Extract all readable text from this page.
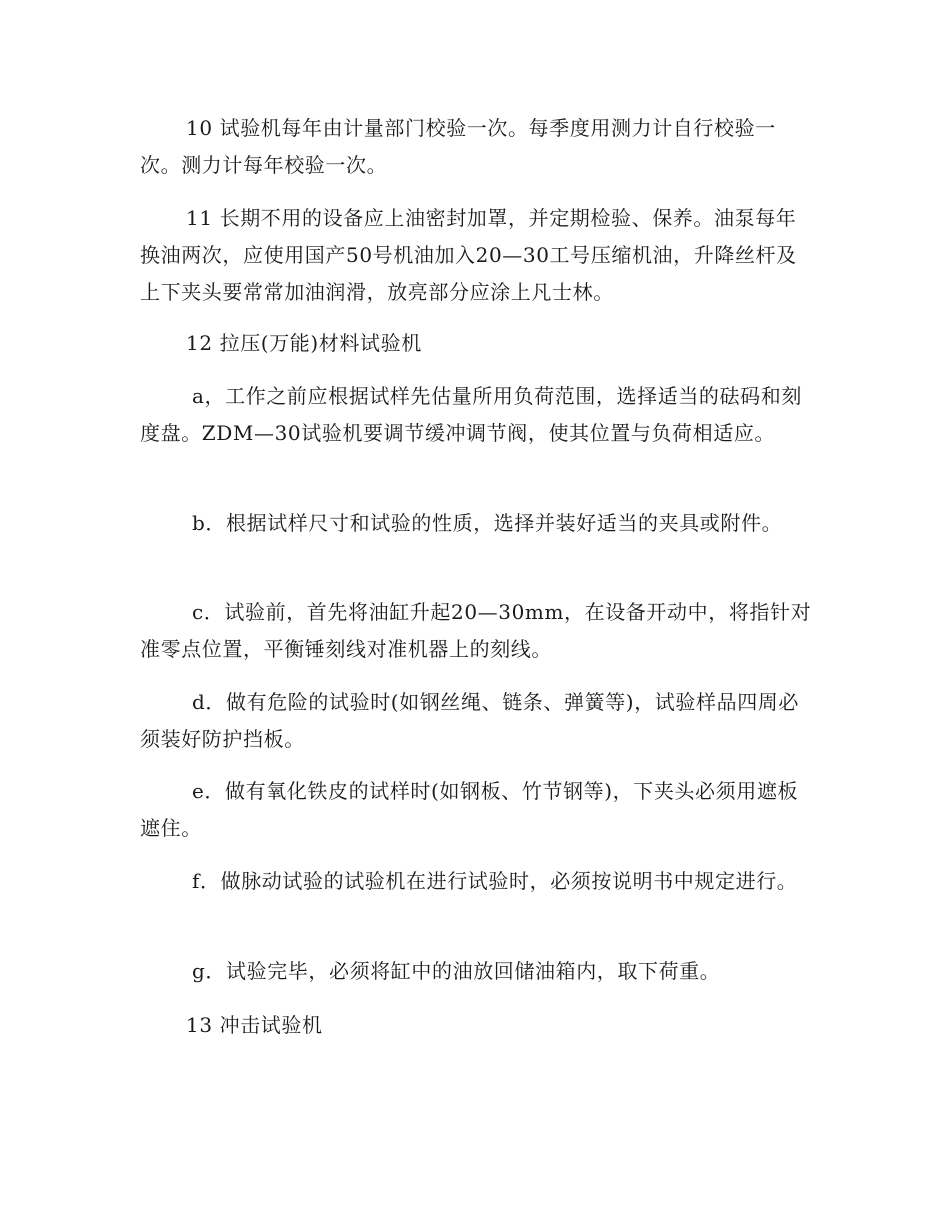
10 试验机每年由计量部门校验一次。每季度用测力计自行校验一次。测力计每年校验一次。

11 长期不用的设备应上油密封加罩，并定期检验、保养。油泵每年换油两次，应使用国产50号机油加入20—30工号压缩机油，升降丝杆及上下夹头要常常加油润滑，放亮部分应涂上凡士林。

12 拉压(万能)材料试验机

a，工作之前应根据试样先估量所用负荷范围，选择适当的砝码和刻度盘。ZDM—30试验机要调节缓冲调节阀，使其位置与负荷相适应。

b．根据试样尺寸和试验的性质，选择并装好适当的夹具或附件。

c．试验前，首先将油缸升起20—30mm，在设备开动中，将指针对准零点位置，平衡锤刻线对准机器上的刻线。

d．做有危险的试验时(如钢丝绳、链条、弹簧等)，试验样品四周必须装好防护挡板。

e．做有氧化铁皮的试样时(如钢板、竹节钢等)，下夹头必须用遮板遮住。

f．做脉动试验的试验机在进行试验时，必须按说明书中规定进行。

g．试验完毕，必须将缸中的油放回储油箱内，取下荷重。

13 冲击试验机
